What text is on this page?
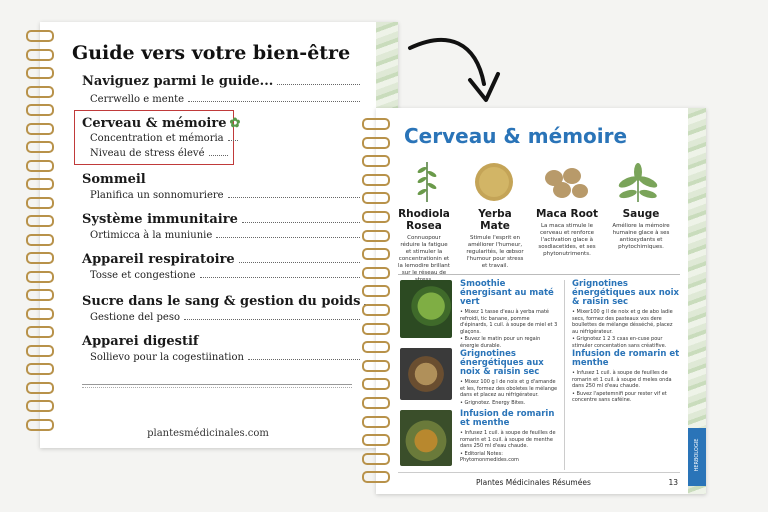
Guide vers votre bien-être
Naviguez parmi le guide...
Cerrwello e mente
Cerveau & mémoire ✿
Concentration et mémoria
Niveau de stress élevé
Sommeil
Planifica un sonnomuriere
Système immunitaire
Ortimicca à la muniunie
Appareil respiratoire
Tosse et congestione
Sucre dans le sang & gestion du poids
Gestione del peso
Apparei digestif
Sollievo pour la cogestiination
plantesmédicinales.com
HERBOLOGIE
Cerveau & mémoire
Rhodiola Rosea
Connuopour réduire la fatigue et stimuler la concentrationin et la lemodire brillant sur le réseau de
Yerba Mate
Stimule l'esprit en améliorer l'humeur, regularités, le œbsor l'humour pour stress et travail.
Maca Root
La maca stimule le cerveau et renforce l'activation glace à sosdiacetides, et ses phytonutriments.
Sauge
Améliore la mémoire humaine glace à ses antioxydants et phytochimiques.
Smoothie énergisant au maté vert
• Mixez 1 tasse d'eau à yerba maté refroidi, tic banane, pomme d'épinards, 1 cuil. à soupe de miel et 3 glaçons.
• Buvez le matin pour un regain énergie durable.
Grignotines énergétiques aux noix & raisin sec
• Mixez 100 g l de noix et g d'amande et les, formez des oboletes le mélange dans et placez au réfrigérateur.
• Grignotez. Energy Bites.
Infusion de romarin et menthe
• Infusez 1 cuil. à soupe de feuilles de romarin et 1 cuil. à soupe de menthe dans 250 ml d'eau chaude.
• Editorial Notes: Phytomonmedides.com
Grignotines énergétiques aux noix & raisin sec
• Mixer100 g ll de noix et g de abo ladie secs, formez des pasteaux vos dere boullettes de mélange désséché, placez au réfrigérateur.
• Grignotez 1 2 3 cxas en-cuse pour stimuler concentation sans créatifive.
Infusion de romarin et menthe
• Infusez 1 cuil. à soupe de feuilles de romarin et 1 cuil. à soupe d meles onda dans 250 ml d'eau chaude.
• Buvez l'apetemnifi pour rester vif et concentre sans caféine.
Plantes Médicinales Résumées	13
